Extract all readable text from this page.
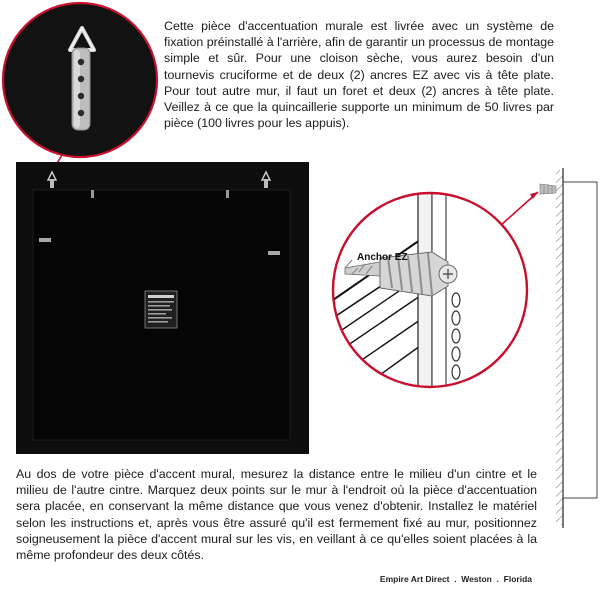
Anchor EZ
Cette pièce d'accentuation murale est livrée avec un système de fixation préinstallé à l'arrière, afin de garantir un processus de montage simple et sûr. Pour une cloison sèche, vous aurez besoin d'un tournevis cruciforme et de deux (2) ancres EZ avec vis à tête plate. Pour tout autre mur, il faut un foret et deux (2) ancres à tête plate. Veillez à ce que la quincaillerie supporte un minimum de 50 livres par pièce (100 livres pour les appuis).
Au dos de votre pièce d'accent mural, mesurez la distance entre le milieu d'un cintre et le milieu de l'autre cintre. Marquez deux points sur le mur à l'endroit où la pièce d'accentuation sera placée, en conservant la même distance que vous venez d'obtenir. Installez le matériel selon les instructions et, après vous être assuré qu'il est fermement fixé au mur, positionnez soigneusement la pièce d'accent mural sur les vis, en veillant à ce qu'elles soient placées à la même profondeur des deux côtés.
Empire Art Direct  .  Weston  .  Florida
